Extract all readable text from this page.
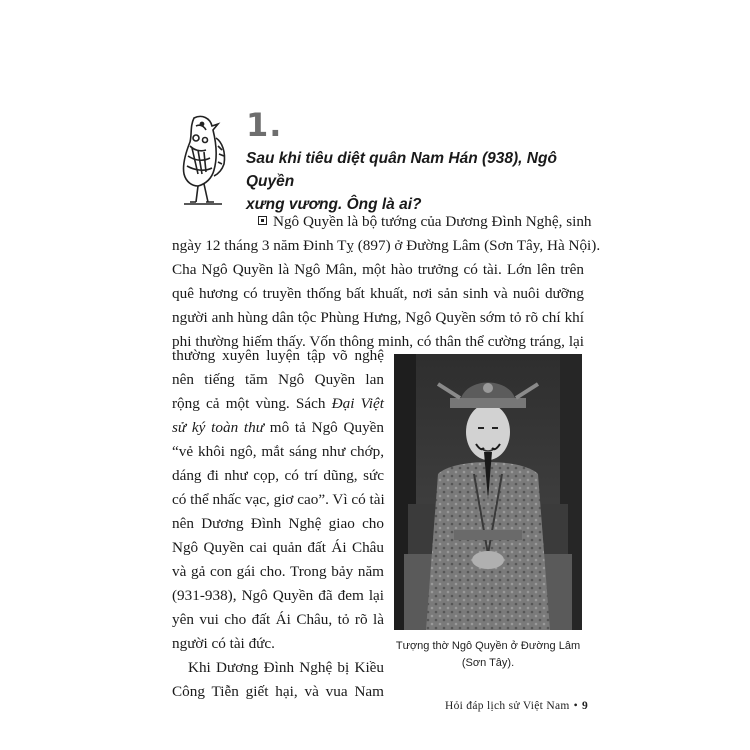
1.
Sau khi tiêu diệt quân Nam Hán (938), Ngô Quyền
xưng vương. Ông là ai?
Ngô Quyền là bộ tướng của Dương Đình Nghệ, sinh
ngày 12 tháng 3 năm Đinh Tỵ (897) ở Đường Lâm (Sơn Tây, Hà Nội).
Cha Ngô Quyền là Ngô Mân, một hào trưởng có tài. Lớn lên trên
quê hương có truyền thống bất khuất, nơi sản sinh và nuôi dưỡng
người anh hùng dân tộc Phùng Hưng, Ngô Quyền sớm tỏ rõ chí khí
phi thường hiếm thấy. Vốn thông minh, có thân thể cường tráng, lại
thường xuyên luyện tập võ nghệ
nên tiếng tăm Ngô Quyền lan
rộng cả một vùng. Sách Đại Việt
sử ký toàn thư mô tả Ngô Quyền
“vẻ khôi ngô, mắt sáng như chớp,
dáng đi như cọp, có trí dũng, sức
có thể nhấc vạc, giơ cao”. Vì có tài
nên Dương Đình Nghệ giao cho
Ngô Quyền cai quản đất Ái Châu
và gả con gái cho. Trong bảy năm
(931-938), Ngô Quyền đã đem lại
yên vui cho đất Ái Châu, tỏ rõ là
người có tài đức.
Khi Dương Đình Nghệ bị Kiều
Công Tiễn giết hại, và vua Nam
Tượng thờ Ngô Quyền ở Đường Lâm
(Sơn Tây).
Hỏi đáp lịch sử Việt Nam • 9
